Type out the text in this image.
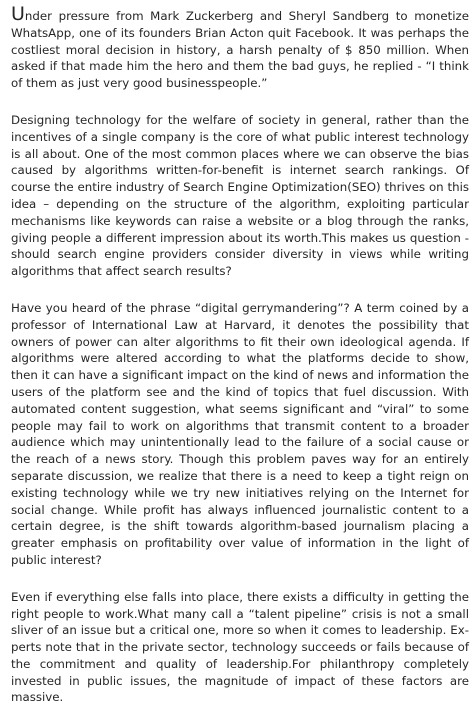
Under pressure from Mark Zuckerberg and Sheryl Sandberg to monetize WhatsApp, one of its founders Brian Acton quit Facebook. It was perhaps the costliest moral decision in history, a harsh penalty of $ 850 million. When asked if that made him the hero and them the bad guys, he replied - “I think of them as just very good businesspeople.”

Designing technology for the welfare of society in general, rather than the incentives of a single company is the core of what public interest technology is all about. One of the most common places where we can observe the bias caused by algorithms written-for-benefit is internet search rankings. Of course the entire industry of Search Engine Optimization(SEO) thrives on this idea – depending on the structure of the algorithm, exploiting particular mechanisms like keywords can raise a website or a blog through the ranks, giving people a different impression about its worth.This makes us question - should search engine providers consider diversity in views while writing algorithms that affect search results?

Have you heard of the phrase “digital gerrymandering”? A term coined by a professor of International Law at Harvard, it denotes the possibility that owners of power can alter algorithms to fit their own ideological agenda. If algorithms were altered according to what the platforms decide to show, then it can have a significant impact on the kind of news and information the users of the platform see and the kind of topics that fuel discussion. With automated content suggestion, what seems significant and “viral” to some people may fail to work on algorithms that transmit content to a broader audience which may unintentionally lead to the failure of a social cause or the reach of a news story. Though this problem paves way for an entirely separate discussion, we realize that there is a need to keep a tight reign on existing technology while we try new initiatives relying on the Internet for social change. While profit has always influenced journalistic content to a certain degree, is the shift towards algorithm-based journalism placing a greater emphasis on profitability over value of information in the light of public interest?

Even if everything else falls into place, there exists a difficulty in getting the right people to work.What many call a “talent pipeline” crisis is not a small sliver of an issue but a critical one, more so when it comes to leadership. Experts note that in the private sector, technology succeeds or fails because of the commitment and quality of leadership.For philanthropy completely invested in public issues, the magnitude of impact of these factors are massive.
